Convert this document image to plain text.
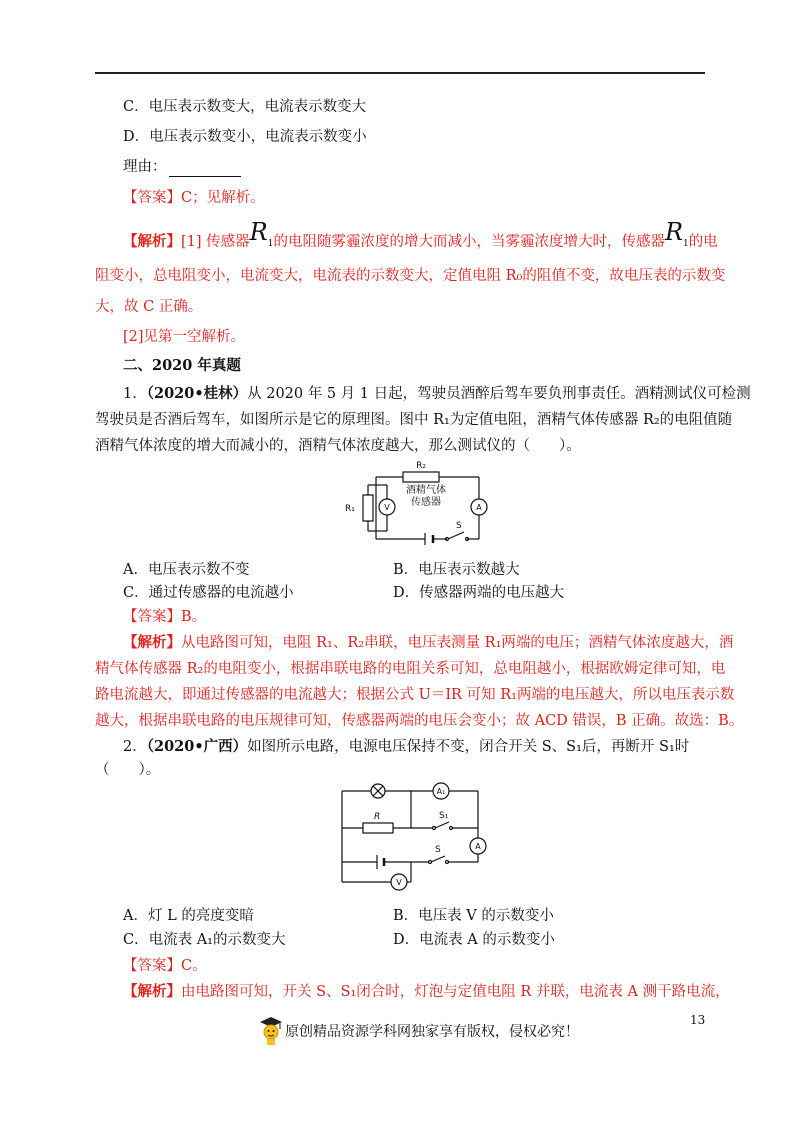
C．电压表示数变大，电流表示数变大
D．电压表示数变小，电流表示数变小
理由：
【答案】C；见解析。
【解析】[1] 传感器$R_1$的电阻随雾霾浓度的增大而减小，当雾霾浓度增大时，传感器$R_1$的电
阻变小，总电阻变小，电流变大，电流表的示数变大，定值电阻 R₀的阻值不变，故电压表的示数变
大，故 C 正确。
[2]见第一空解析。
二、2020 年真题
1．（2020•桂林）从 2020 年 5 月 1 日起，驾驶员酒醉后驾车要负刑事责任。酒精测试仪可检测
驾驶员是否酒后驾车，如图所示是它的原理图。图中 R₁为定值电阻，酒精气体传感器 R₂的电阻值随
酒精气体浓度的增大而减小的，酒精气体浓度越大，那么测试仪的（　　）。
R₂
酒精气体
传感器
R₁	V	A
S
A．电压表示数不变	B．电压表示数越大
C．通过传感器的电流越小	D．传感器两端的电压越大
【答案】B。
【解析】从电路图可知，电阻 R₁、R₂串联，电压表测量 R₁两端的电压；酒精气体浓度越大，酒
精气体传感器 R₂的电阻变小，根据串联电路的电阻关系可知，总电阻越小，根据欧姆定律可知，电
路电流越大，即通过传感器的电流越大；根据公式 U＝IR 可知 R₁两端的电压越大，所以电压表示数
越大，根据串联电路的电压规律可知，传感器两端的电压会变小；故 ACD 错误，B 正确。故选：B。
2．（2020•广西）如图所示电路，电源电压保持不变，闭合开关 S、S₁后，再断开 S₁时
（　　）。
A₁
S₁
R
S	A
V
A．灯 L 的亮度变暗	B．电压表 V 的示数变小
C．电流表 A₁的示数变大	D．电流表 A 的示数变小
【答案】C。
【解析】由电路图可知，开关 S、S₁闭合时，灯泡与定值电阻 R 并联，电流表 A 测干路电流，
13
原创精品资源学科网独家享有版权，侵权必究！
